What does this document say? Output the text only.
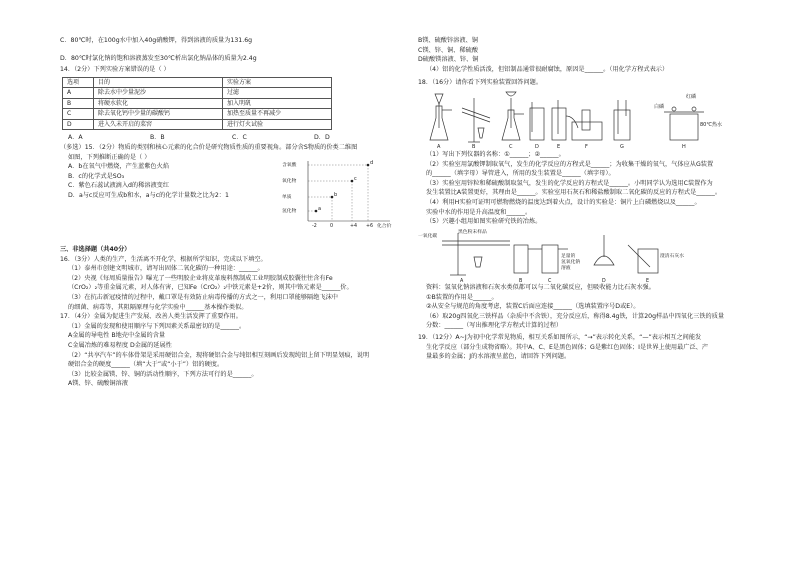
C．80℃时，在100g水中加入40g硝酸钾，得到溶液的质量为131.6g
D．80℃时氯化钠的饱和溶液蒸发至30℃析出氯化钠晶体的质量为2.4g
14．（2分）下列实验方案错误的是（ ）
选项	目的	实验方案
A	除去水中少量泥沙	过滤
B	将硬水软化	加入明矾
C	除去氧化钙中少量的碳酸钙	加热至质量不再减少
D	进入久未开启的菜窖	进行灯火试验
A．A	B．B	C．C	D．D
（多选）15．（2分）物质的类别和核心元素的化合价是研究物质性质的重要视角。部分含S物质的价类二维图
如图，下列推断正确的是（ ）
A．b在氧气中燃烧，产生蓝紫色火焰
B．c的化学式是SO₃
C．紫色石蕊试液滴入d的稀溶液变红
D．a与c反应可生成b和水，a与c的化学计量数之比为2：1
含氧酸
氧化物
单质
氢化物
-2	0	+4 +6 化合价
d
c
b
a
三、非选择题（共40分）
16．（3分）人类的生产，生活离不开化学，根据所学知识，完成以下填空。
（1）泰州市创建文明城市，请写出固体二氧化碳的一种用途：______。
（2）央视《每周质量报告》曝光了一些明胶企业将皮革废料熬制成工业明胶制成胶囊往往含有Fe
（CrO₂）₂等重金属元素，对人体有害，已知Fe（CrO₂）₂中铁元素是+2价，则其中铬元素是______价。
（3）在抗击新冠疫情的过程中，戴口罩是有效防止病毒传播的方式之一，利用口罩能够隔绝飞沫中
的细菌、病毒等，其阻隔原理与化学实验中______基本操作类似。
17．（4分）金属为促进生产发展、改善人类生活发挥了重要作用。
（1）金属的发现和使用顺序与下列因素关系最密切的是______。
A金属的导电性 B地壳中金属的含量
C金属冶炼的难易程度 D金属的延展性
（2）“共享汽车”的车体骨架是采用硬铝合金，现将硬铝合金与纯铝相互刻画后发现纯铝上留下明显划痕，说明
硬铝合金的硬度______（填“大于”或“小于”）铝的硬度。
（3）比较金属镁、锌、铜的活动性顺序，下列方法可行的是______。
A镁、锌、硫酸铜溶液
B镁、硫酸锌溶液、铜
C镁、锌、铜、稀硫酸
D硫酸镁溶液、锌、铜
（4）铝的化学性质活泼，但铝制品通常很耐腐蚀，原因是______。（用化学方程式表示）
18．（16分）请你看下列实验装置回答问题。
A	B	C	D	E	F	G	H
红磷
80℃热水
白磷
（1）写出下列仪器的名称：①______；②______。
（2）实验室用氯酸钾制取氧气，发生的化学反应的方程式是______；为收集干燥的氧气，气体应从G装置
的______（填字母）导管进入，所用的发生装置是______（填字母）。
（3）实验室用锌粒和稀硫酸制取氢气，发生的化学反应的方程式是______。小明同学认为选用C装置作为
发生装置比A装置更好，其理由是______。实验室用石灰石和稀盐酸制取二氧化碳的反应的方程式是______。
（4）利用H实验可证明可燃物燃烧的温度达到着火点，设计的实验是：铜片上白磷燃烧以及______。
实验中水的作用是升高温度和______。
（5）兴趣小组用如图实验研究铁的冶炼。
一氧化碳
黑色粉末样品
足量的
氢氧化钠
溶液
澄清石灰水
A	B	C	D	E
资料：氢氧化钠溶液和石灰水类似都可以与二氧化碳反应，但吸收能力比石灰水强。
①B装置的作用是______。
②从安全与规范的角度考虑，装置C后面应连接______（选填装置序号D或E）。
（6）取20g四氧化三铁样品（杂质中不含铁），充分反应后，称得8.4g铁，计算20g样品中四氧化三铁的质量
分数：______（写出推理化学方程式计算的过程）
19．（12分）A~J为初中化学常见物质，相互关系如图所示，“→”表示转化关系，“—”表示相互之间能发
生化学反应（部分生成物省略）。其中A、C、E是黑色固体；G是紫红色固体；I是世界上使用最广泛、产
量最多的金属；J的水溶液呈蓝色，请回答下列问题。
